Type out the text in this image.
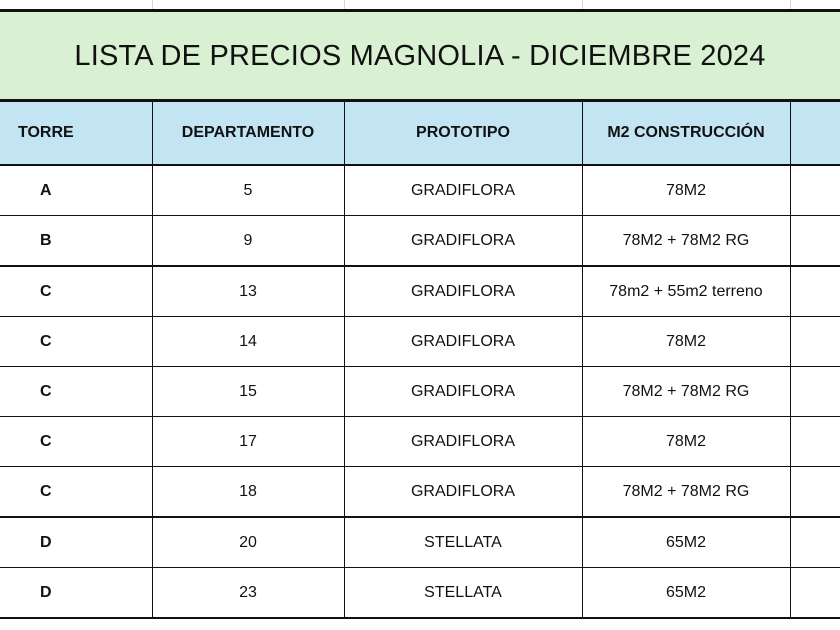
LISTA DE PRECIOS MAGNOLIA - DICIEMBRE 2024
TORRE	DEPARTAMENTO	PROTOTIPO	M2 CONSTRUCCIÓN	
A	5	GRADIFLORA	78M2	
B	9	GRADIFLORA	78M2 + 78M2 RG	
C	13	GRADIFLORA	78m2 + 55m2 terreno	
C	14	GRADIFLORA	78M2	
C	15	GRADIFLORA	78M2 + 78M2 RG	
C	17	GRADIFLORA	78M2	
C	18	GRADIFLORA	78M2 + 78M2 RG	
D	20	STELLATA	65M2	
D	23	STELLATA	65M2	
